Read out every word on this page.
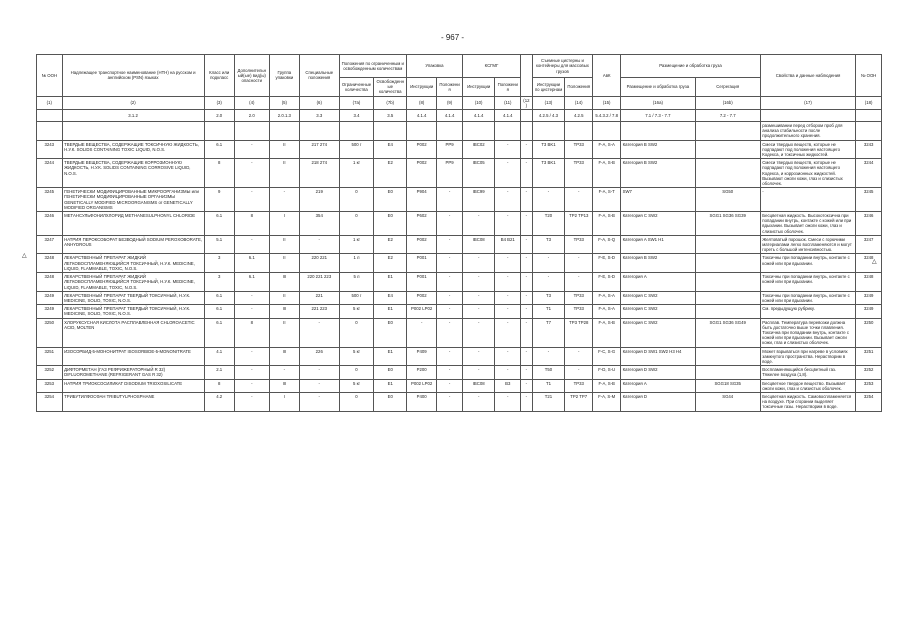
- 967 -
△
△
№ ООН	Надлежащее транспортное наименование (НТН) на русском и английском (PSN) языках	Класс или подкласс	Дополнительный(ые) вид(ы) опасности	Группа упаковки	Специальные положения	Положения по ограниченным и освобожденным количествам		Упаковка		КСГМГ			Съемные цистерны и контейнеры для массовых грузов		АвК	Размещение и обработка груза		Свойства и данные наблюдения	№ ООН
						Ограниченные количества	Освобожденные количества	Инструкции	Положения	Инструкции	Положения		Инструкции по цистернам	Положения		Размещение и обработка груза	Сегрегация		
(1)	(2)	(3)	(4)	(5)	(6)	(7a)	(7b)	(8)	(9)	(10)	(11)	(12)	(13)	(14)	(15)	(16a)	(16b)	(17)	(18)
	3.1.2	2.0	2.0	2.0.1.3	3.3	3.4	3.5	4.1.4	4.1.4	4.1.4	4.1.4		4.2.5 / 4.3	4.2.5	5.4.3.2 / 7.8	7.1 / 7.3 - 7.7	7.2 - 7.7		
																		размешивании перед отбором проб для анализа стабильности после продолжительного хранения.	
3243	ТВЕРДЫЕ ВЕЩЕСТВА, СОДЕРЖАЩИЕ ТОКСИЧНУЮ ЖИДКОСТЬ, Н.У.К. SOLIDS CONTAINING TOXIC LIQUID, N.O.S.	6.1	-	II	217 274	500 г	E4	P002	PP9	IBC02	-	-	T3 BK1	TP33	F-A, S-A	Категория B SW2		Смеси твердых веществ, которые не подпадают под положения настоящего Кодекса, и токсичных жидкостей.	3243
3244	ТВЕРДЫЕ ВЕЩЕСТВА, СОДЕРЖАЩИЕ КОРРОЗИОННУЮ ЖИДКОСТЬ, Н.У.К. SOLIDS CONTAINING CORROSIVE LIQUID, N.O.S.	8	-	II	218 274	1 кг	E2	P002	PP9	IBC05	-	-	T3 BK1	TP33	F-A, S-B	Категория B SW2		Смеси твердых веществ, которые не подпадают под положения настоящего Кодекса, и коррозионных жидкостей. Вызывают ожоги кожи, глаз и слизистых оболочек.	3244
3245	ГЕНЕТИЧЕСКИ МОДИФИЦИРОВАННЫЕ МИКРООРГАНИЗМЫ или ГЕНЕТИЧЕСКИ МОДИФИЦИРОВАННЫЕ ОРГАНИЗМЫ GENETICALLY MODIFIED MICROORGANISMS or GENETICALLY MODIFIED ORGANISMS	9	-	-	219	0	E0	P904	-	IBC99	-	-	-	-	F-A, S-T	SW7	SG50	-	3245
3246	МЕТАНСУЛЬФОНИЛХЛОРИД METHANESULPHONYL CHLORIDE	6.1	8	I	354	0	E0	P602	-	-	-	-	T20	TP2 TP13	F-A, S-B	Категория C SW2	SGG1 SG36 SG39	Бесцветная жидкость. Высокотоксична при попадании внутрь, контакте с кожей или при вдыхании. Вызывает ожоги кожи, глаз и слизистых оболочек.	3246
3247	НАТРИЯ ПЕРОКСОБОРАТ БЕЗВОДНЫЙ SODIUM PEROXOBORATE, ANHYDROUS	5.1	-	II	-	1 кг	E2	P002	-	IBC08	B4 B21	-	T3	TP33	F-A, S-Q	Категория A SW1 H1		Желтоватый порошок. Смеси с горючими материалами легко воспламеняются и могут гореть с большой интенсивностью.	3247
3248	ЛЕКАРСТВЕННЫЙ ПРЕПАРАТ ЖИДКИЙ ЛЕГКОВОСПЛАМЕНЯЮЩИЙСЯ ТОКСИЧНЫЙ, Н.У.К. MEDICINE, LIQUID, FLAMMABLE, TOXIC, N.O.S.	3	6.1	II	220 221	1 л	E2	P001	-	-	-	-	-	-	F-E, S-D	Категория B SW2		Токсичны при попадании внутрь, контакте с кожей или при вдыхании.	3248
3248	ЛЕКАРСТВЕННЫЙ ПРЕПАРАТ ЖИДКИЙ ЛЕГКОВОСПЛАМЕНЯЮЩИЙСЯ ТОКСИЧНЫЙ, Н.У.К. MEDICINE, LIQUID, FLAMMABLE, TOXIC, N.O.S.	3	6.1	III	220 221 223	5 л	E1	P001	-	-	-	-	-	-	F-E, S-D	Категория A		Токсичны при попадании внутрь, контакте с кожей или при вдыхании.	3248
3249	ЛЕКАРСТВЕННЫЙ ПРЕПАРАТ ТВЕРДЫЙ ТОКСИЧНЫЙ, Н.У.К. MEDICINE, SOLID, TOXIC, N.O.S.	6.1	-	II	221	500 г	E4	P002	-	-	-	-	T3	TP33	F-A, S-A	Категория C SW2		Токсичны при попадании внутрь, контакте с кожей или при вдыхании.	3249
3249	ЛЕКАРСТВЕННЫЙ ПРЕПАРАТ ТВЕРДЫЙ ТОКСИЧНЫЙ, Н.У.К. MEDICINE, SOLID, TOXIC, N.O.S.	6.1	-	III	221 223	5 кг	E1	P002 LP02	-	-	-	-	T1	TP33	F-A, S-A	Категория C SW2		См. предыдущую рубрику.	3249
3250	ХЛОРУКСУСНАЯ КИСЛОТА РАСПЛАВЛЕННАЯ CHLOROACETIC ACID, MOLTEN	6.1	8	II	-	0	E0	-	-	-	-	-	T7	TP3 TP28	F-A, S-B	Категория C SW2	SGG1 SG36 SG49	Расплав. Температура перевозки должна быть достаточно выше точки плавления. Токсична при попадании внутрь, контакте с кожей или при вдыхании. Вызывает ожоги кожи, глаз и слизистых оболочек.	3250
3251	ИЗОСОРБИД-5-МОНОНИТРАТ ISOSORBIDE-5-MONONITRATE	4.1	-	III	226	5 кг	E1	P409	-	-	-	-	-	-	F-C, S-G	Категория D SW1 SW2 H3 H4		Может взрываться при нагреве в условиях замкнутого пространства. Нерастворим в воде.	3251
3252	ДИФТОРМЕТАН (ГАЗ РЕФРИЖЕРАТОРНЫЙ R 32) DIFLUOROMETHANE (REFRIGERANT GAS R 32)	2.1	-	-	-	0	E0	P200	-	-	-	-	T50	-	F-D, S-U	Категория D SW2		Воспламеняющийся бесцветный газ. Тяжелее воздуха (1,8).	3252
3253	НАТРИЯ ТРИОКСОСИЛИКАТ DISODIUM TRIOXOSILICATE	8	-	III	-	5 кг	E1	P002 LP02	-	IBC08	B3	-	T1	TP33	F-A, S-B	Категория A	SGG18 SG35	Бесцветное твердое вещество. Вызывает ожоги кожи, глаз и слизистых оболочек.	3253
3254	ТРИБУТИЛФОСФАН TRIBUTYLPHOSPHANE	4.2	-	I	-	0	E0	P400	-	-	-	-	T21	TP2 TP7	F-A, S-M	Категория D	SG44	Бесцветная жидкость. Самовоспламеняется на воздухе. При сгорании выделяет токсичные газы. Нерастворим в воде.	3254
